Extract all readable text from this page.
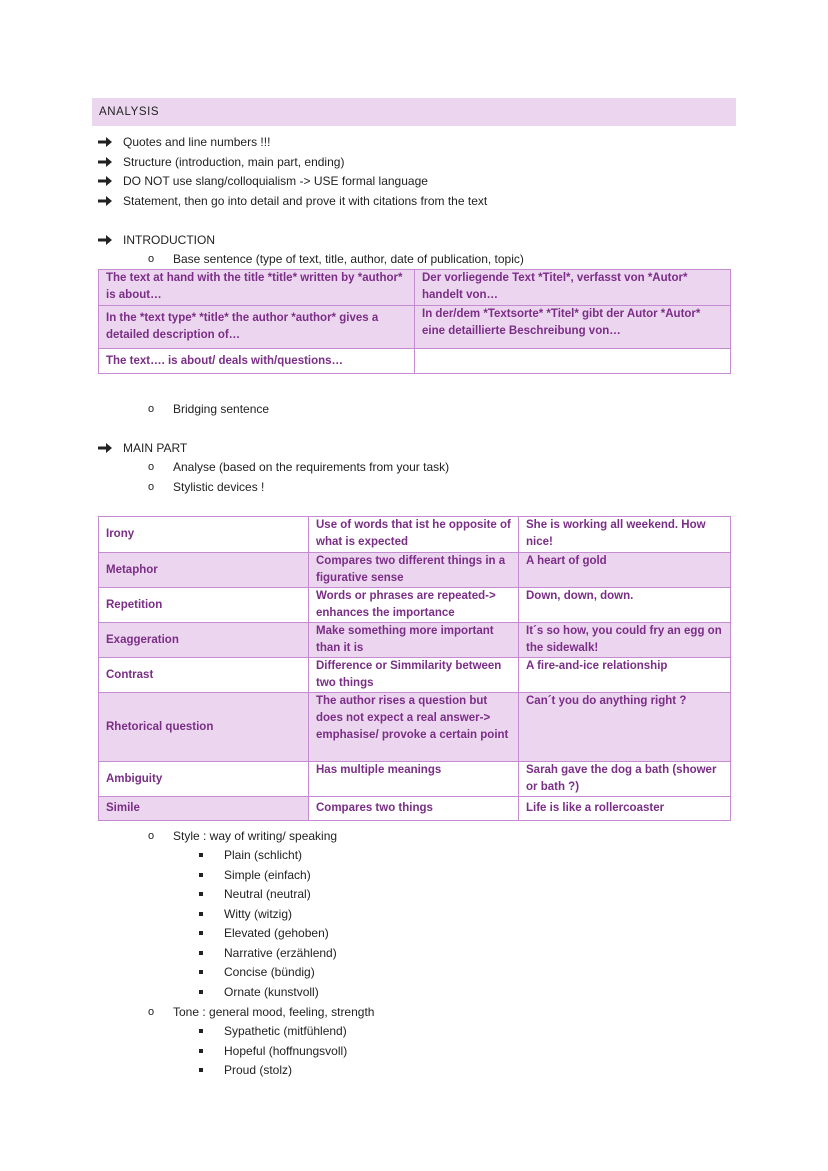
ANALYSIS
Quotes and line numbers !!!
Structure (introduction, main part, ending)
DO NOT use slang/colloquialism -> USE formal language
Statement, then go into detail and prove it with citations from the text
INTRODUCTION
o Base sentence (type of text, title, author, date of publication, topic)
The text at hand with the title *title* written by *author* is about…	Der vorliegende Text *Titel*, verfasst von *Autor* handelt von…
In the *text type* *title* the author *author* gives a detailed description of…	In der/dem *Textsorte* *Titel* gibt der Autor *Autor* eine detaillierte Beschreibung von…
The text…. is about/ deals with/questions…	
o Bridging sentence
MAIN PART
o Analyse (based on the requirements from your task)
o Stylistic devices !
Irony	Use of words that ist he opposite of what is expected	She is working all weekend. How nice!
Metaphor	Compares two different things in a figurative sense	A heart of gold
Repetition	Words or phrases are repeated-> enhances the importance	Down, down, down.
Exaggeration	Make something more important than it is	It´s so how, you could fry an egg on the sidewalk!
Contrast	Difference or Simmilarity between two things	A fire-and-ice relationship
Rhetorical question	The author rises a question but does not expect a real answer-> emphasise/ provoke a certain point	Can´t you do anything right ?
Ambiguity	Has multiple meanings	Sarah gave the dog a bath (shower or bath ?)
Simile	Compares two things	Life is like a rollercoaster
o Style : way of writing/ speaking
Plain (schlicht)
Simple (einfach)
Neutral (neutral)
Witty (witzig)
Elevated (gehoben)
Narrative (erzählend)
Concise (bündig)
Ornate (kunstvoll)
o Tone : general mood, feeling, strength
Sypathetic (mitfühlend)
Hopeful (hoffnungsvoll)
Proud (stolz)
